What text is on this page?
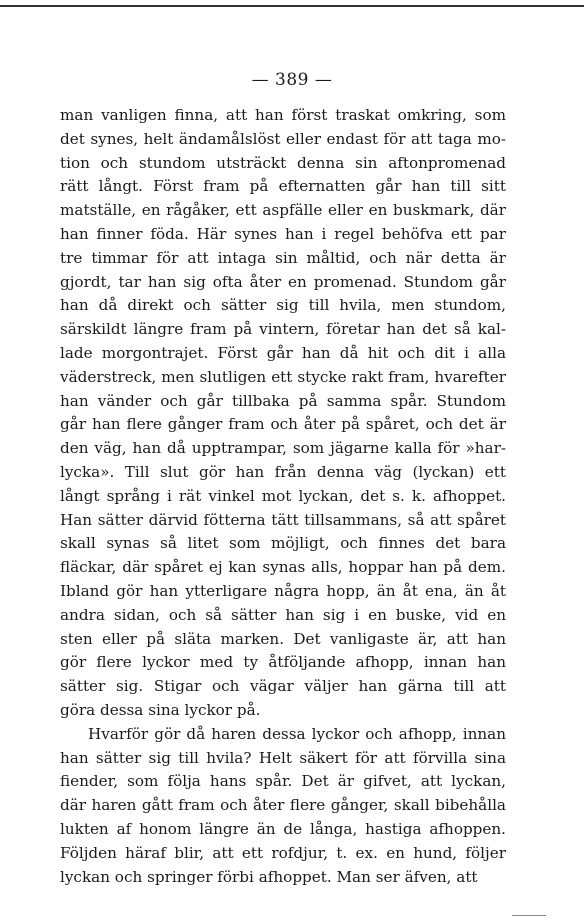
— 389 —
man vanligen finna, att han först traskat omkring, som
det synes, helt ändamålslöst eller endast för att taga mo-
tion och stundom utsträckt denna sin aftonpromenad
rätt långt. Först fram på efternatten går han till sitt
matställe, en rågåker, ett aspfälle eller en buskmark, där
han finner föda. Här synes han i regel behöfva ett par
tre timmar för att intaga sin måltid, och när detta är
gjordt, tar han sig ofta åter en promenad. Stundom går
han då direkt och sätter sig till hvila, men stundom,
särskildt längre fram på vintern, företar han det så kal-
lade morgontrajet. Först går han då hit och dit i alla
väderstreck, men slutligen ett stycke rakt fram, hvarefter
han vänder och går tillbaka på samma spår. Stundom
går han flere gånger fram och åter på spåret, och det är
den väg, han då upptrampar, som jägarne kalla för »har-
lycka». Till slut gör han från denna väg (lyckan) ett
långt språng i rät vinkel mot lyckan, det s. k. afhoppet.
Han sätter därvid fötterna tätt tillsammans, så att spåret
skall synas så litet som möjligt, och finnes det bara
fläckar, där spåret ej kan synas alls, hoppar han på dem.
Ibland gör han ytterligare några hopp, än åt ena, än åt
andra sidan, och så sätter han sig i en buske, vid en
sten eller på släta marken. Det vanligaste är, att han
gör flere lyckor med ty åtföljande afhopp, innan han
sätter sig. Stigar och vägar väljer han gärna till att
göra dessa sina lyckor på.
Hvarför gör då haren dessa lyckor och afhopp, innan
han sätter sig till hvila? Helt säkert för att förvilla sina
fiender, som följa hans spår. Det är gifvet, att lyckan,
där haren gått fram och åter flere gånger, skall bibehålla
lukten af honom längre än de långa, hastiga afhoppen.
Följden häraf blir, att ett rofdjur, t. ex. en hund, följer
lyckan och springer förbi afhoppet. Man ser äfven, att
